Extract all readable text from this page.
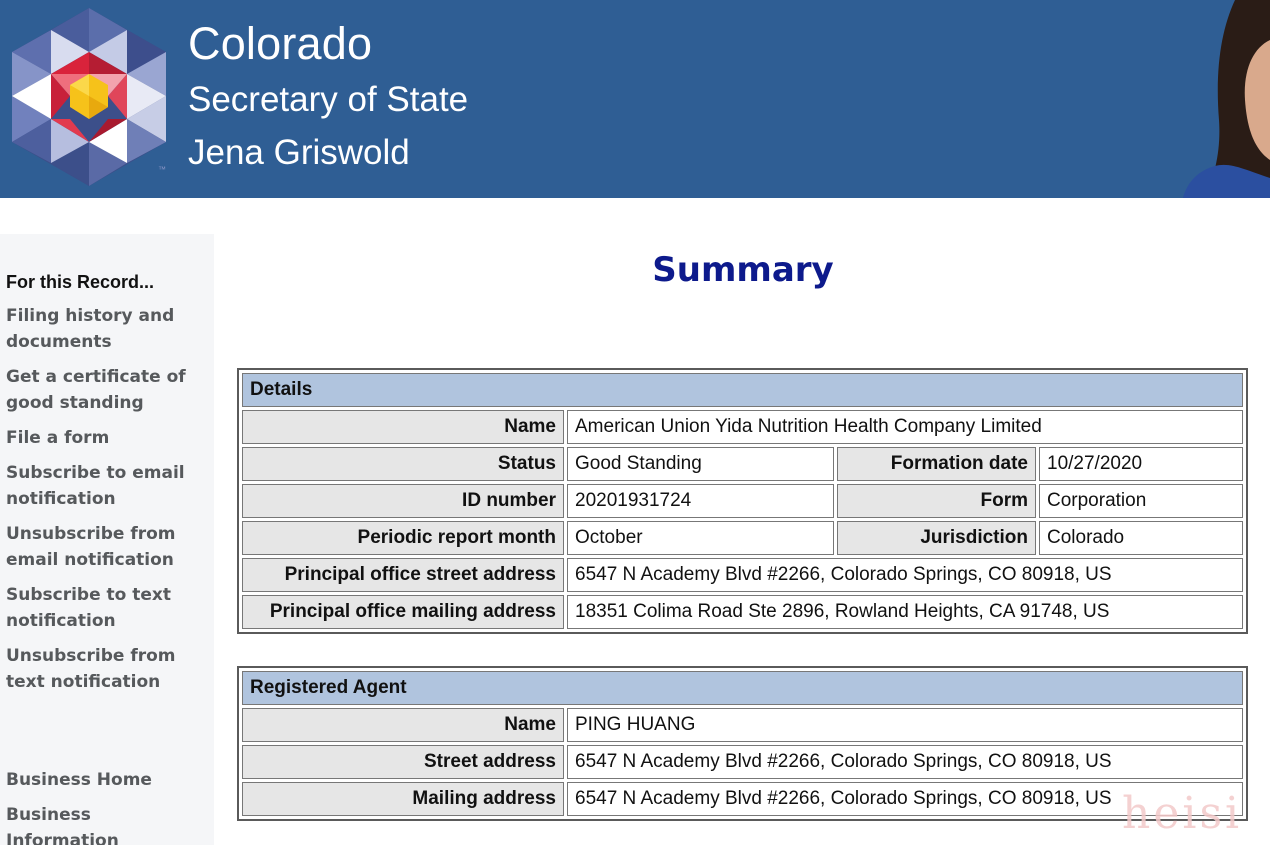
™
Colorado
Secretary of State
Jena Griswold
For this Record...
Filing history and documents
Get a certificate of good standing
File a form
Subscribe to email notification
Unsubscribe from email notification
Subscribe to text notification
Unsubscribe from text notification
Business Home
Business Information
Summary
Details			
Name	American Union Yida Nutrition Health Company Limited		
Status	Good Standing	Formation date	10/27/2020
ID number	20201931724	Form	Corporation
Periodic report month	October	Jurisdiction	Colorado
Principal office street address	6547 N Academy Blvd #2266, Colorado Springs, CO 80918, US		
Principal office mailing address	18351 Colima Road Ste 2896, Rowland Heights, CA 91748, US		
Registered Agent	
Name	PING HUANG
Street address	6547 N Academy Blvd #2266, Colorado Springs, CO 80918, US
Mailing address	6547 N Academy Blvd #2266, Colorado Springs, CO 80918, US heisi
